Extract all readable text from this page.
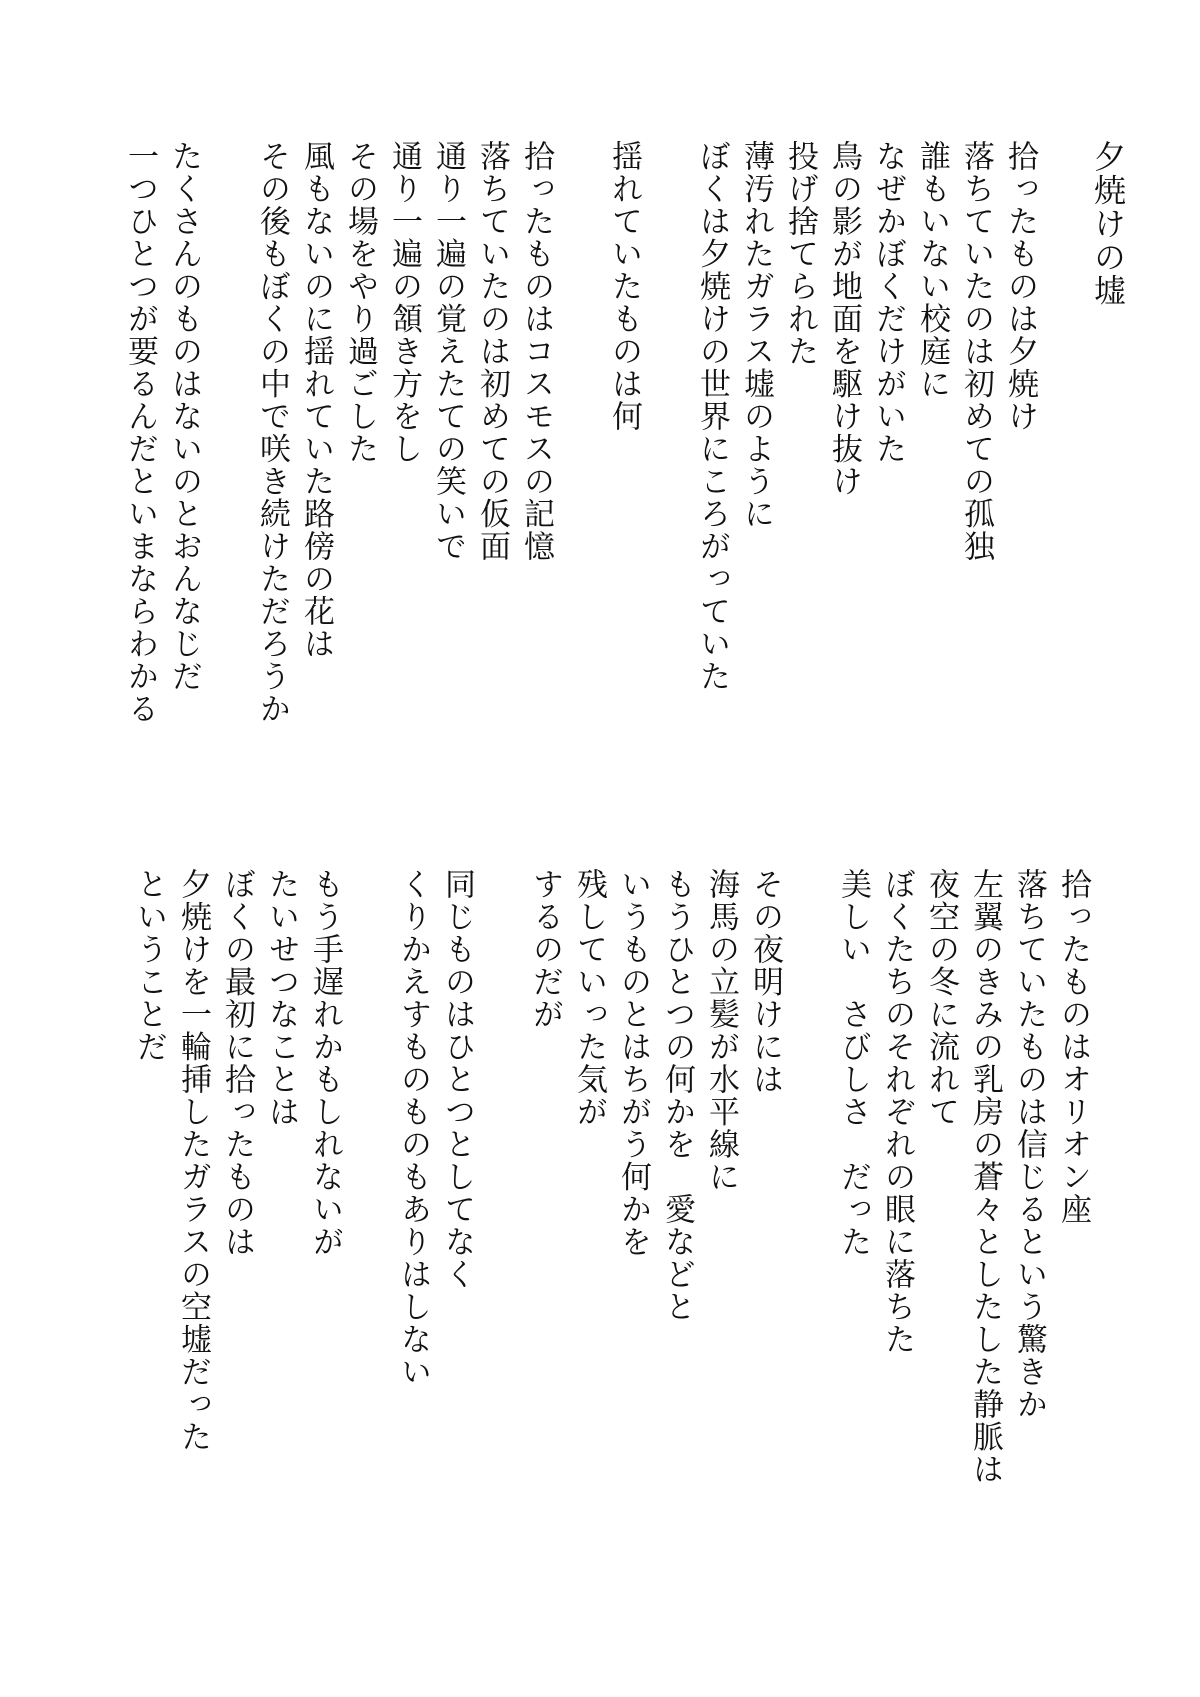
夕焼けの墟
拾ったものは夕焼け
落ちていたのは初めての孤独
誰もいない校庭に
なぜかぼくだけがいた
鳥の影が地面を駆け抜け
投げ捨てられた
薄汚れたガラス墟のように
ぼくは夕焼けの世界にころがっていた
揺れていたものは何
拾ったものはコスモスの記憶
落ちていたのは初めての仮面
通り一遍の覚えたての笑いで
通り一遍の頷き方をし
その場をやり過ごした
風もないのに揺れていた路傍の花は
その後もぼくの中で咲き続けただろうか
たくさんのものはないのとおんなじだ
一つひとつが要るんだといまならわかる
拾ったものはオリオン座
落ちていたものは信じるという驚きか
左翼のきみの乳房の蒼々としたした静脈は
夜空の冬に流れて
ぼくたちのそれぞれの眼に落ちた
美しい　さびしさ　だった
その夜明けには
海馬の立髪が水平線に
もうひとつの何かを　愛などと
いうものとはちがう何かを
残していった気が
するのだが
同じものはひとつとしてなく
くりかえすものものもありはしない
もう手遅れかもしれないが
たいせつなことは
ぼくの最初に拾ったものは
夕焼けを一輪挿したガラスの空墟だった
ということだ
